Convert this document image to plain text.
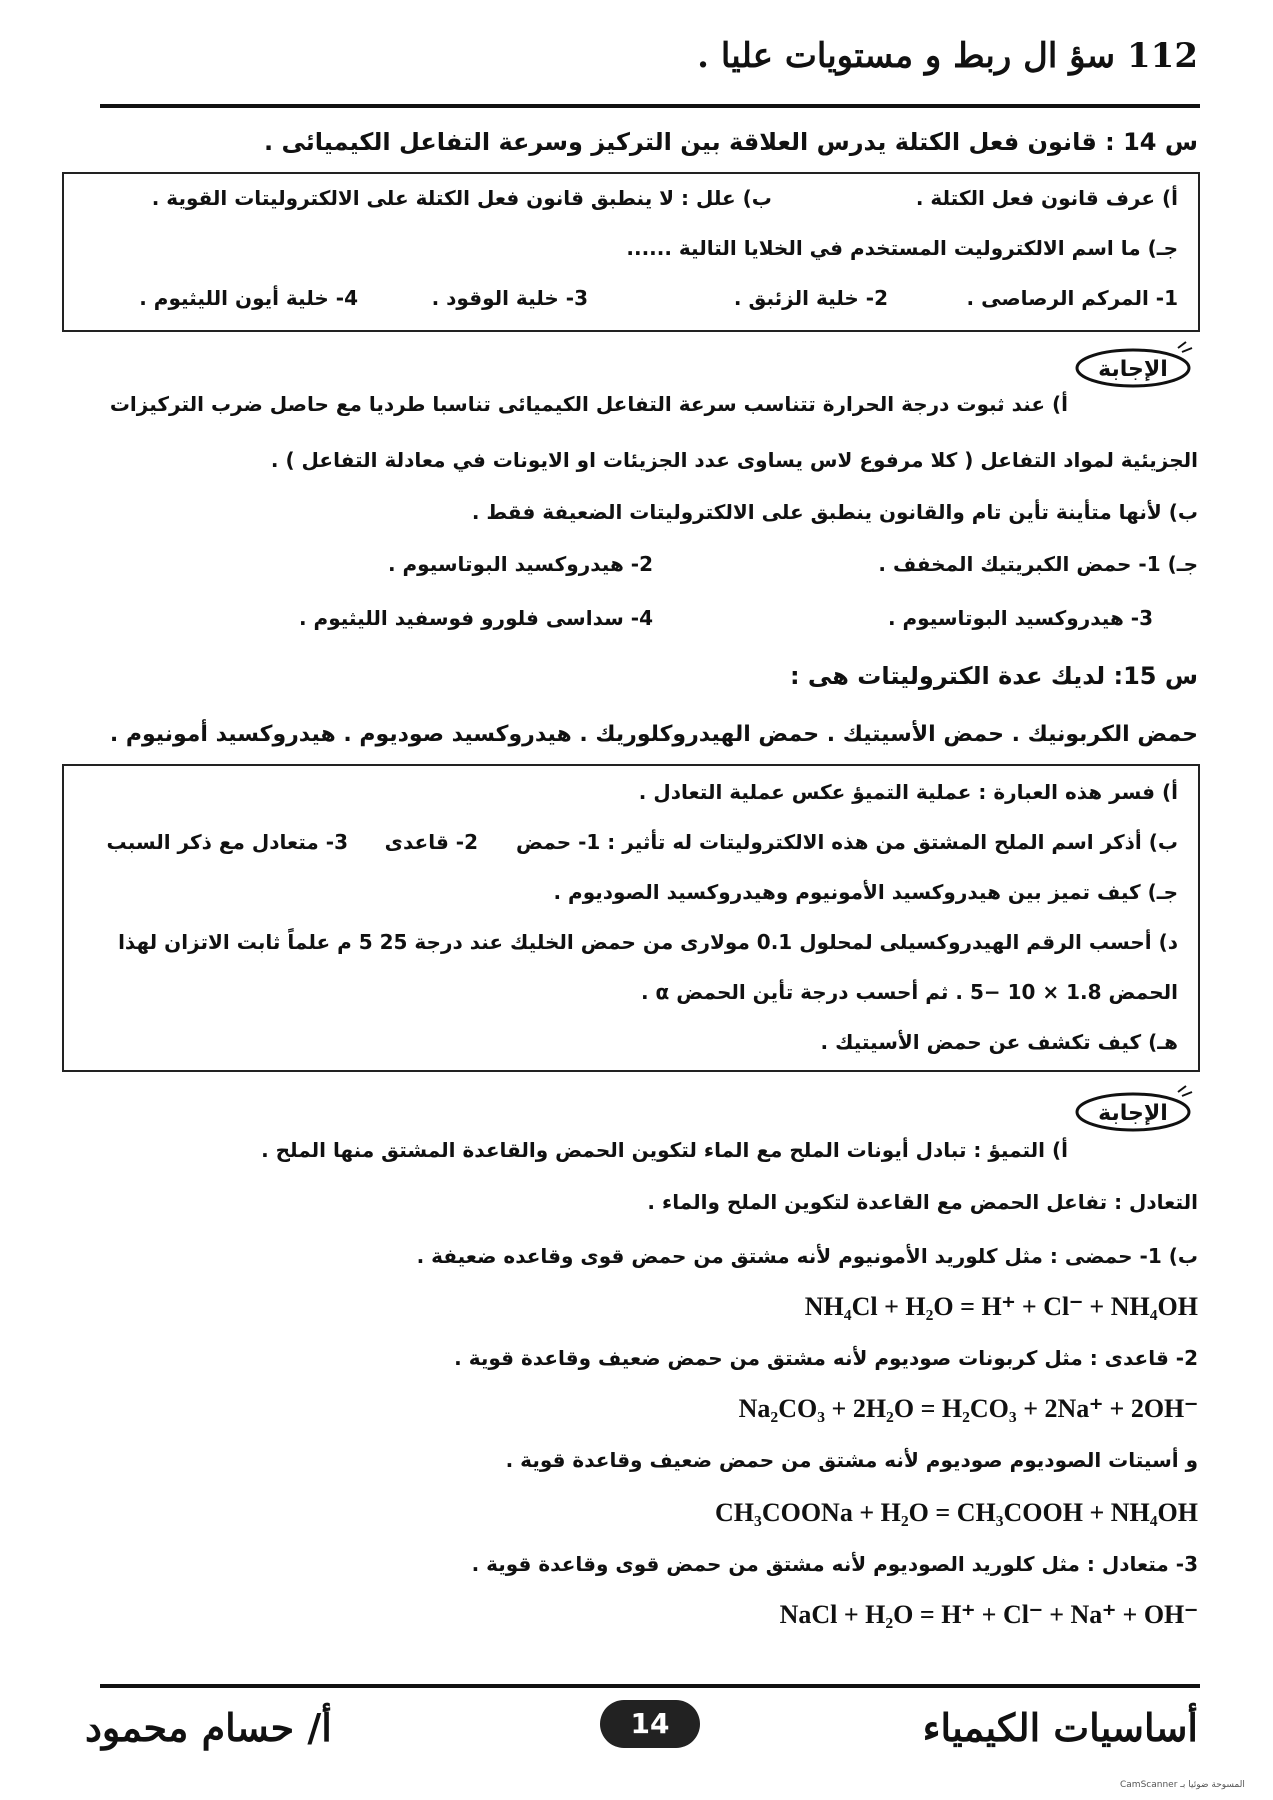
112 سؤ ال ربط و مستويات عليا .
س 14 : قانون فعل الكتلة يدرس العلاقة بين التركيز وسرعة التفاعل الكيميائى .
أ) عرف قانون فعل الكتلة .  ب) علل : لا ينطبق قانون فعل الكتلة على الالكتروليتات القوية .
جـ) ما اسم الالكتروليت المستخدم في الخلايا التالية ......
1- المركم الرصاصى .
2- خلية الزئبق .
3- خلية الوقود .
4- خلية أيون الليثيوم .
الإجابة
أ) عند ثبوت درجة الحرارة تتناسب سرعة التفاعل الكيميائى تناسبا طرديا مع حاصل ضرب التركيزات
الجزيئية لمواد التفاعل ( كلا مرفوع لاس يساوى عدد الجزيئات او الايونات في معادلة التفاعل ) .
ب) لأنها متأينة تأين تام والقانون ينطبق على الالكتروليتات الضعيفة فقط .
جـ) 1- حمض الكبريتيك المخفف .
2- هيدروكسيد البوتاسيوم .
3- هيدروكسيد البوتاسيوم .
4- سداسى فلورو فوسفيد الليثيوم .
س 15: لديك عدة الكتروليتات هى :
حمض الكربونيك . حمض الأسيتيك . حمض الهيدروكلوريك . هيدروكسيد صوديوم . هيدروكسيد أمونيوم .
أ) فسر هذه العبارة : عملية التميؤ عكس عملية التعادل .
ب) أذكر اسم الملح المشتق من هذه الالكتروليتات له تأثير : 1- حمض
2- قاعدى
3- متعادل مع ذكر السبب
جـ) كيف تميز بين هيدروكسيد الأمونيوم وهيدروكسيد الصوديوم .
د) أحسب الرقم الهيدروكسيلى لمحلول 0.1 مولارى من حمض الخليك عند درجة 25 5 م علماً ثابت الاتزان لهذا
الحمض 1.8 × 10 −5 . ثم أحسب درجة تأين الحمض α .
هـ) كيف تكشف عن حمض الأسيتيك .
الإجابة
أ) التميؤ : تبادل أيونات الملح مع الماء لتكوين الحمض والقاعدة المشتق منها الملح .
التعادل : تفاعل الحمض مع القاعدة لتكوين الملح والماء .
ب) 1- حمضى : مثل كلوريد الأمونيوم لأنه مشتق من حمض قوى وقاعده ضعيفة .
NH₄Cl + H₂O = H⁺ + Cl⁻ + NH₄OH
2- قاعدى : مثل كربونات صوديوم لأنه مشتق من حمض ضعيف وقاعدة قوية .
Na₂CO₃ + 2H₂O = H₂CO₃ + 2Na⁺ + 2OH⁻
و أسيتات الصوديوم صوديوم لأنه مشتق من حمض ضعيف وقاعدة قوية .
CH₃COONa + H₂O = CH₃COOH + NH₄OH
3- متعادل : مثل كلوريد الصوديوم لأنه مشتق من حمض قوى وقاعدة قوية .
NaCl + H₂O = H⁺ + Cl⁻ + Na⁺ + OH⁻
أساسيات الكيمياء
14
أ/ حسام محمود
CamScanner المسوحة ضوئيا بـ
